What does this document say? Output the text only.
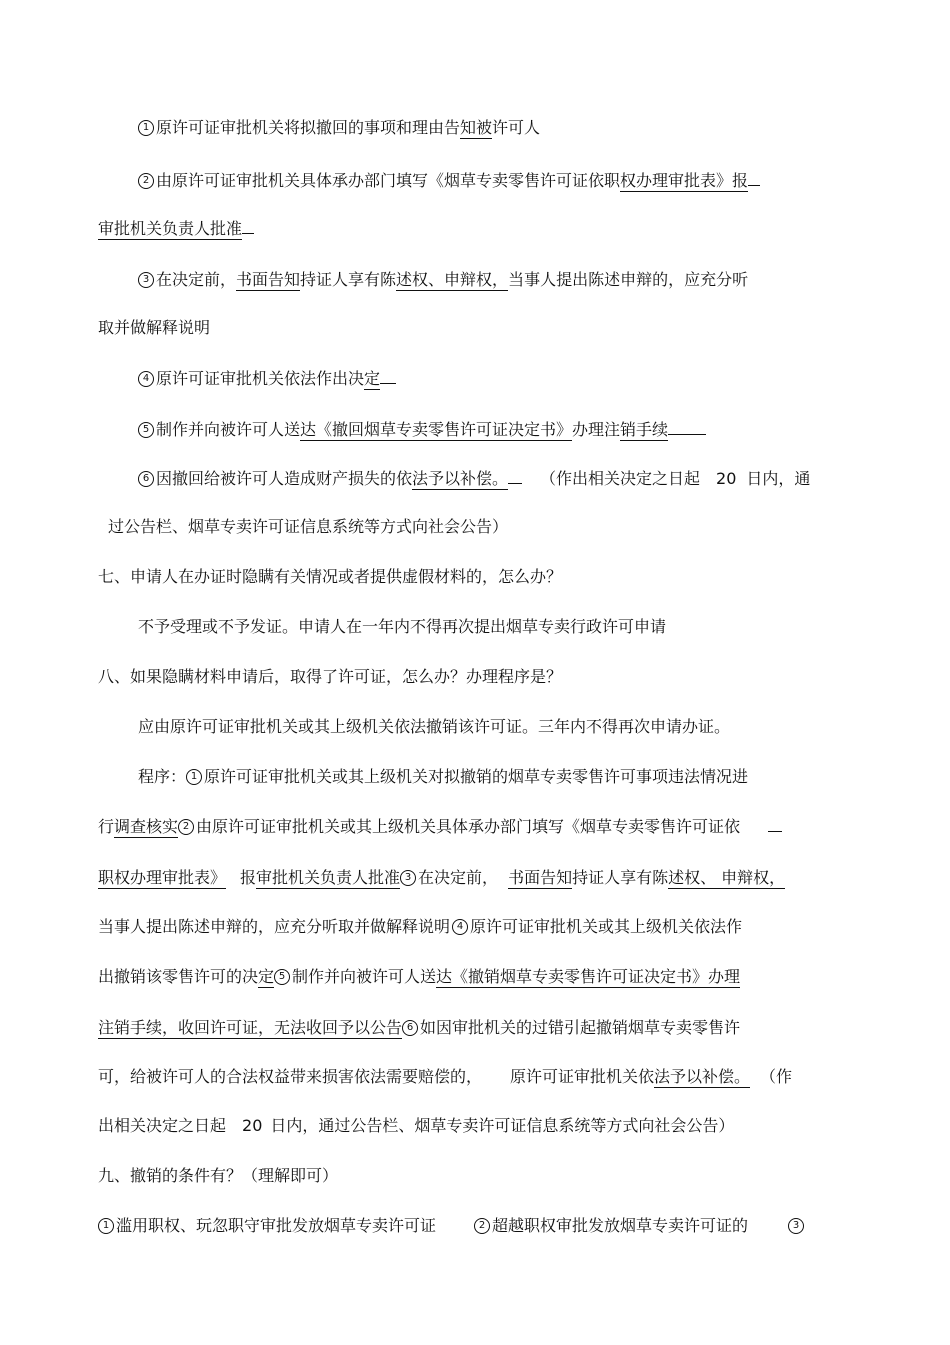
1 原许可证审批机关将拟撤回的事项和理由告知被许可人
2 由原许可证审批机关具体承办部门填写《烟草专卖零售许可证依职权办理审批表》报
审批机关负责人批准
3 在决定前，书面告知持证人享有陈述权、申辩权，当事人提出陈述申辩的，应充分听
取并做解释说明
4 原许可证审批机关依法作出决定
5 制作并向被许可人送达《撤回烟草专卖零售许可证决定书》办理注销手续
6 因撤回给被许可人造成财产损失的依法予以补偿。 （作出相关决定之日起 20 日内，通
过公告栏、烟草专卖许可证信息系统等方式向社会公告）
七、申请人在办证时隐瞒有关情况或者提供虚假材料的，怎么办？
不予受理或不予发证。申请人在一年内不得再次提出烟草专卖行政许可申请
八、如果隐瞒材料申请后，取得了许可证，怎么办？办理程序是？
应由原许可证审批机关或其上级机关依法撤销该许可证。三年内不得再次申请办证。
程序： 1 原许可证审批机关或其上级机关对拟撤销的烟草专卖零售许可事项违法情况进
行调查核实 2 由原许可证审批机关或其上级机关具体承办部门填写《烟草专卖零售许可证依
职权办理审批表》 报审批机关负责人批准 3 在决定前， 书面告知持证人享有陈述权、 申辩权，
当事人提出陈述申辩的，应充分听取并做解释说明 4 原许可证审批机关或其上级机关依法作
出撤销该零售许可的决定 5 制作并向被许可人送达《撤销烟草专卖零售许可证决定书》办理
注销手续，收回许可证，无法收回予以公告 6 如因审批机关的过错引起撤销烟草专卖零售许
可，给被许可人的合法权益带来损害依法需要赔偿的， 原许可证审批机关依法予以补偿。 （作
出相关决定之日起 20 日内，通过公告栏、烟草专卖许可证信息系统等方式向社会公告）
九、撤销的条件有？（理解即可）
1 滥用职权、玩忽职守审批发放烟草专卖许可证	2 超越职权审批发放烟草专卖许可证的	3
